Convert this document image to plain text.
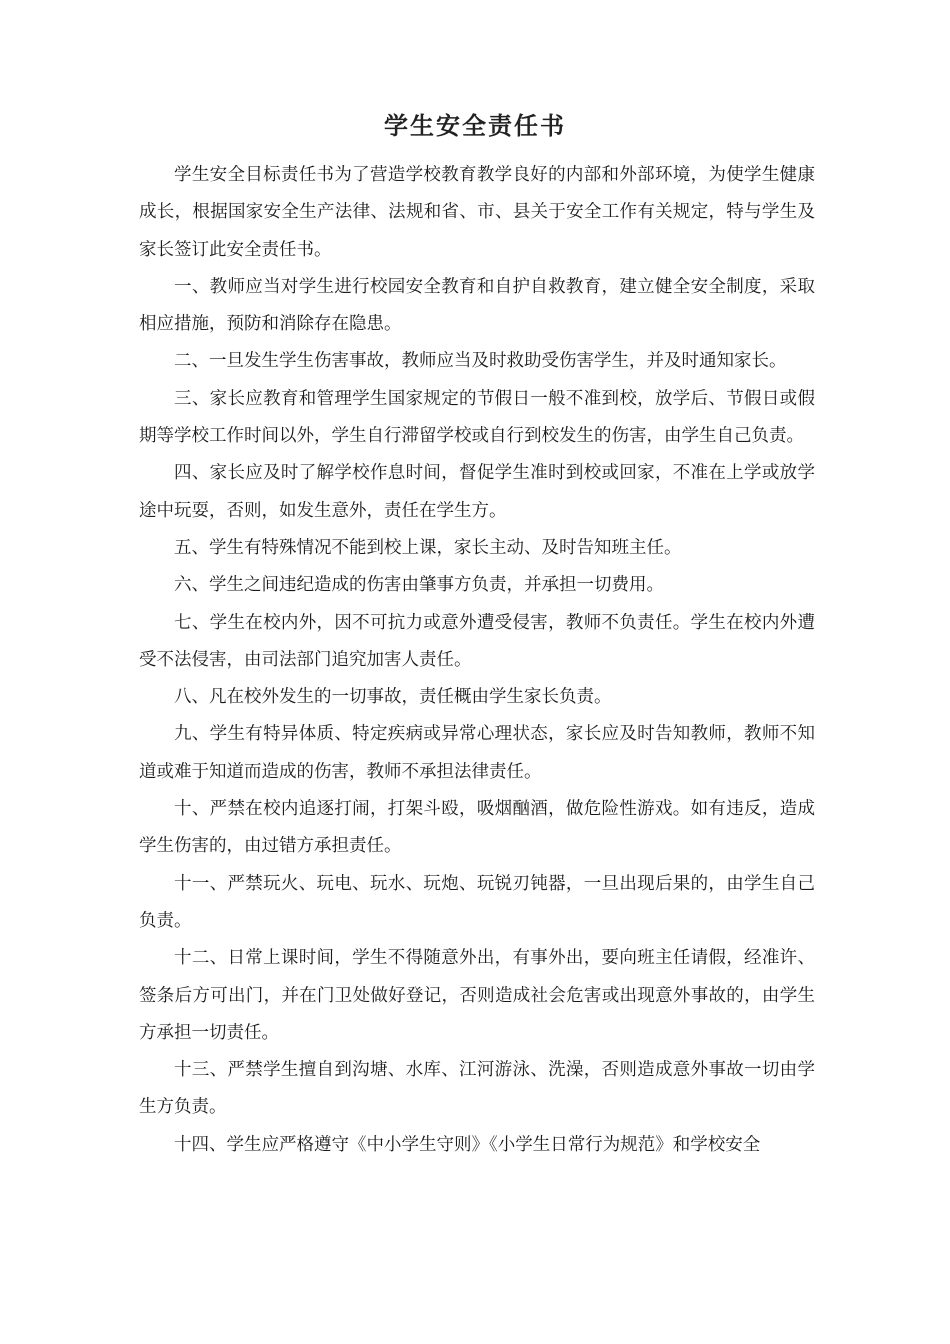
学生安全责任书

学生安全目标责任书为了营造学校教育教学良好的内部和外部环境，为使学生健康成长，根据国家安全生产法律、法规和省、市、县关于安全工作有关规定，特与学生及家长签订此安全责任书。

一、教师应当对学生进行校园安全教育和自护自救教育，建立健全安全制度，采取相应措施，预防和消除存在隐患。

二、一旦发生学生伤害事故，教师应当及时救助受伤害学生，并及时通知家长。

三、家长应教育和管理学生国家规定的节假日一般不准到校，放学后、节假日或假期等学校工作时间以外，学生自行滞留学校或自行到校发生的伤害，由学生自己负责。

四、家长应及时了解学校作息时间，督促学生准时到校或回家，不准在上学或放学途中玩耍，否则，如发生意外，责任在学生方。

五、学生有特殊情况不能到校上课，家长主动、及时告知班主任。

六、学生之间违纪造成的伤害由肇事方负责，并承担一切费用。

七、学生在校内外，因不可抗力或意外遭受侵害，教师不负责任。学生在校内外遭受不法侵害，由司法部门追究加害人责任。

八、凡在校外发生的一切事故，责任概由学生家长负责。

九、学生有特异体质、特定疾病或异常心理状态，家长应及时告知教师，教师不知道或难于知道而造成的伤害，教师不承担法律责任。

十、严禁在校内追逐打闹，打架斗殴，吸烟酗酒，做危险性游戏。如有违反，造成学生伤害的，由过错方承担责任。

十一、严禁玩火、玩电、玩水、玩炮、玩锐刃钝器，一旦出现后果的，由学生自己负责。

十二、日常上课时间，学生不得随意外出，有事外出，要向班主任请假，经准许、签条后方可出门，并在门卫处做好登记，否则造成社会危害或出现意外事故的，由学生方承担一切责任。

十三、严禁学生擅自到沟塘、水库、江河游泳、洗澡，否则造成意外事故一切由学生方负责。

十四、学生应严格遵守《中小学生守则》《小学生日常行为规范》和学校安全
